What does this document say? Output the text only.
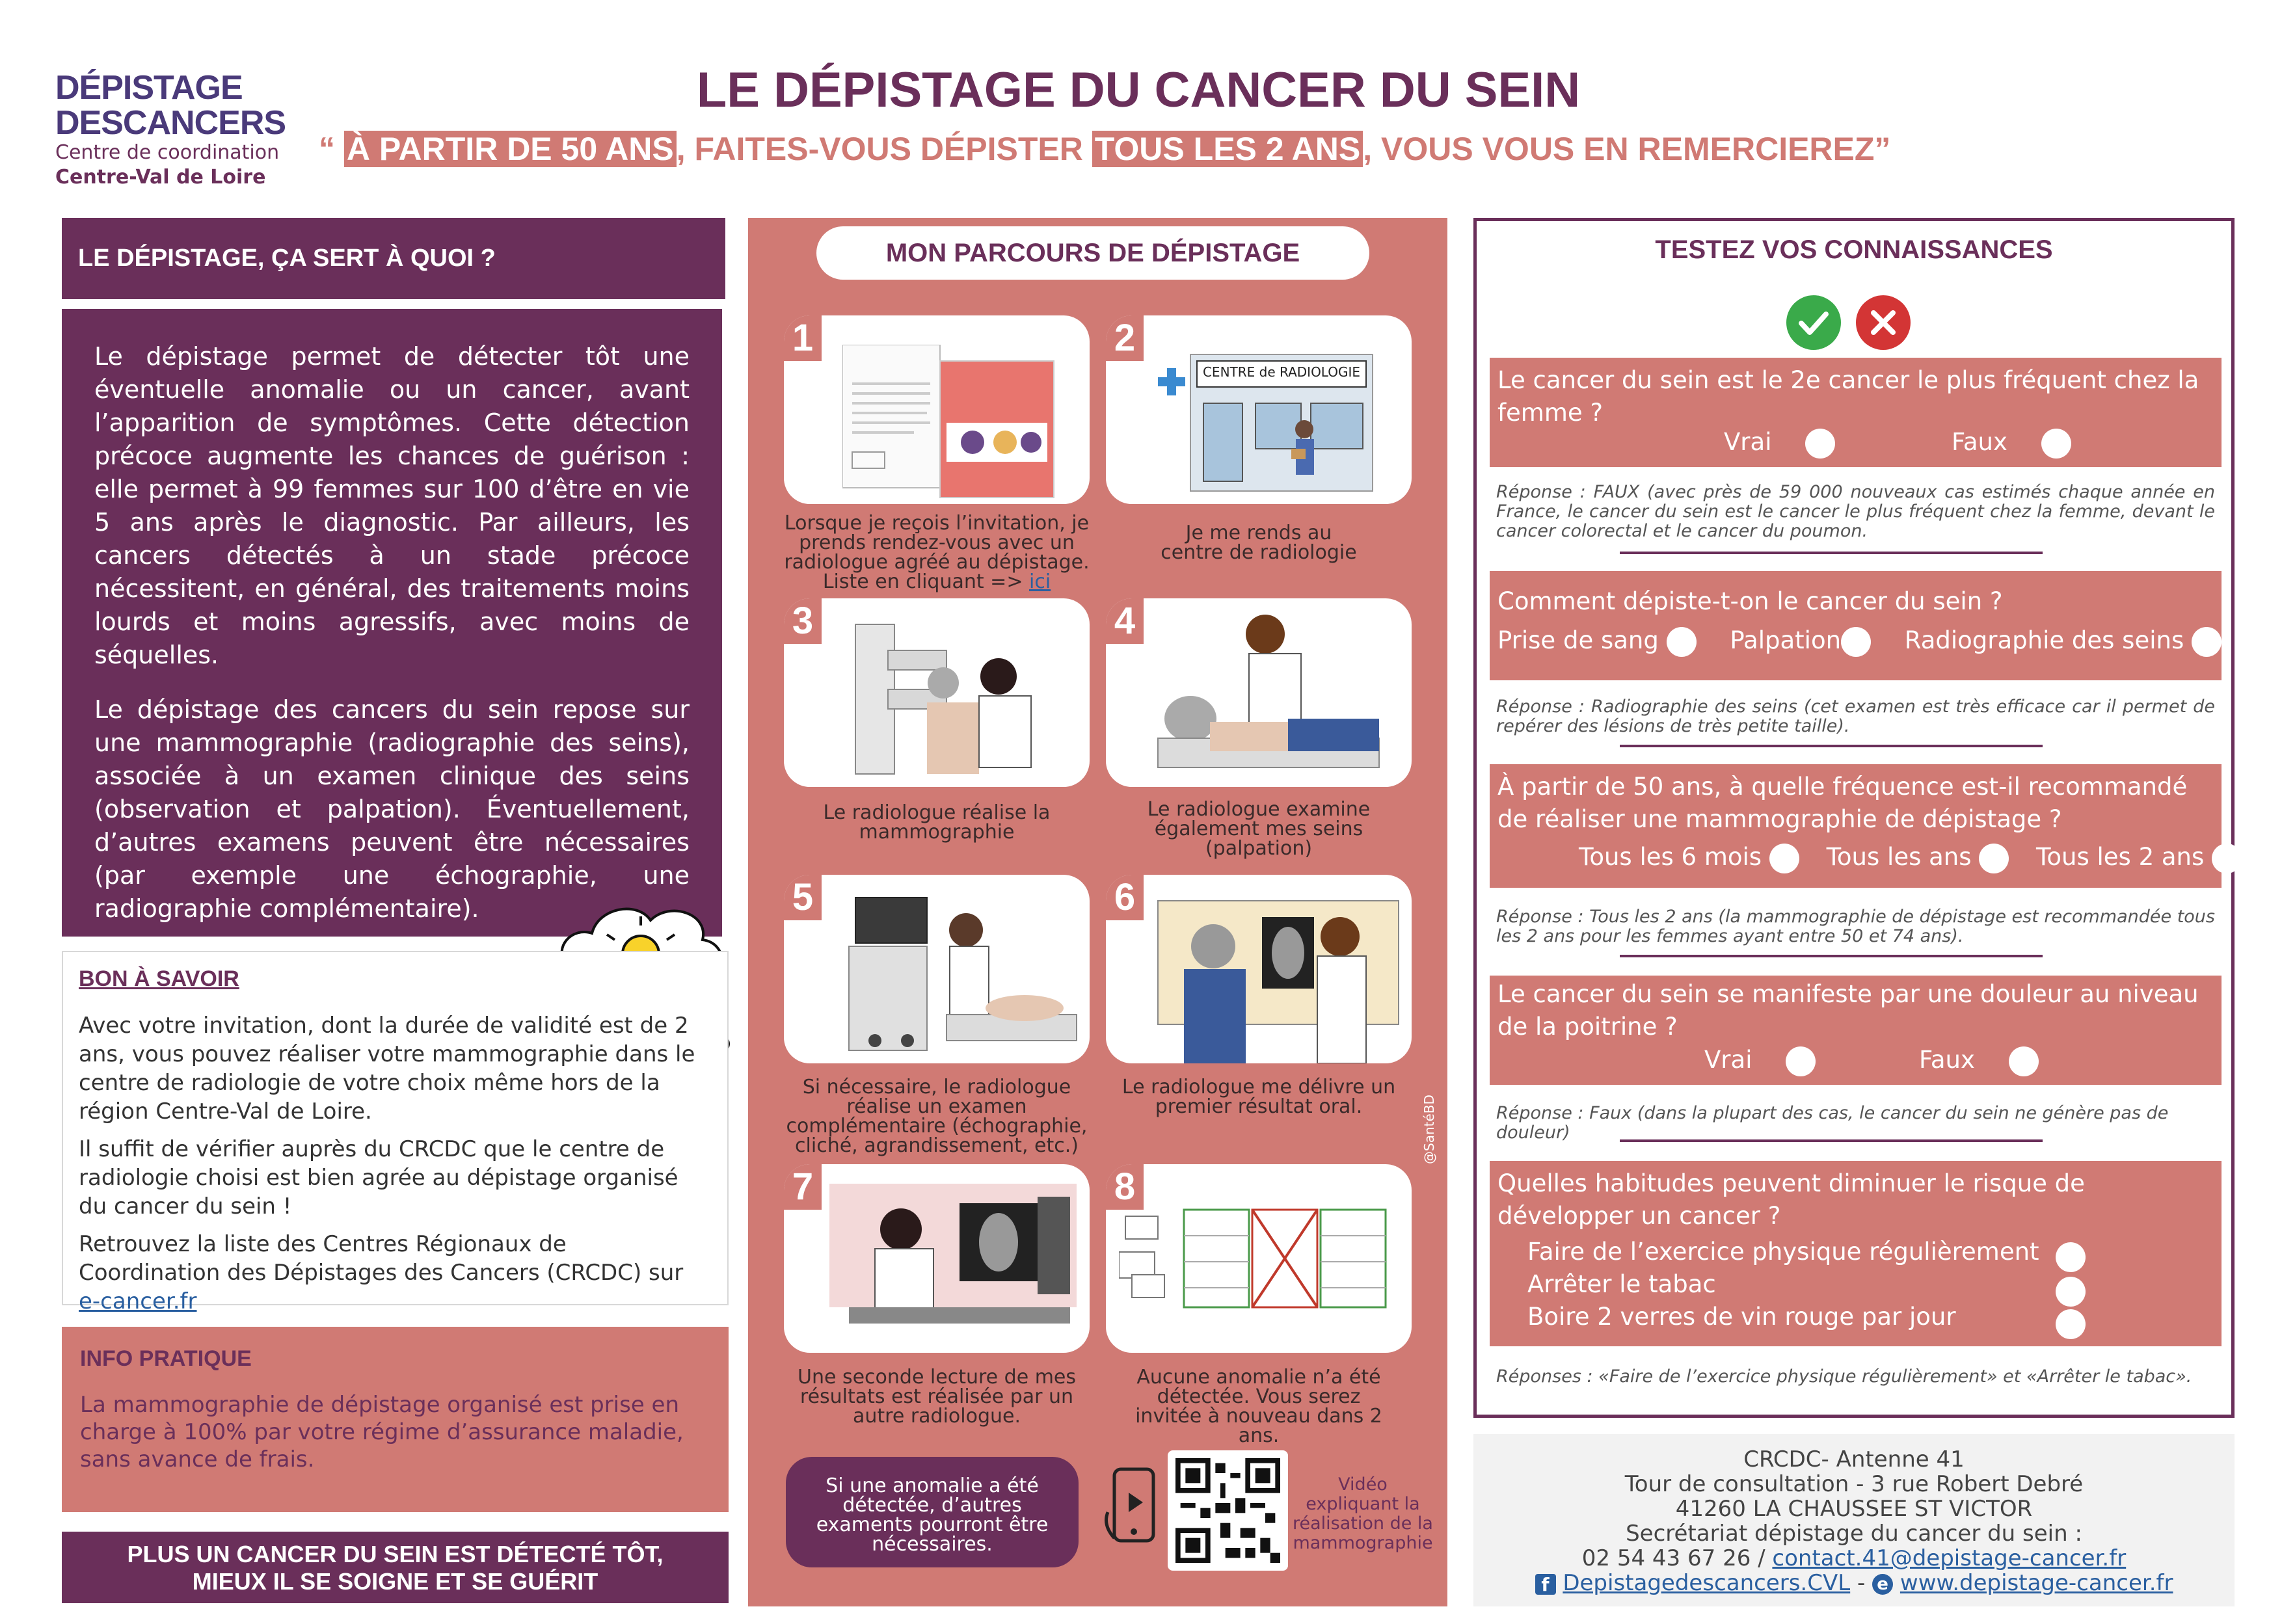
DÉPISTAGE
DESCANCERS
Centre de coordination
Centre-Val de Loire
LE DÉPISTAGE DU CANCER DU SEIN
“ À PARTIR DE 50 ANS, FAITES-VOUS DÉPISTER TOUS LES 2 ANS, VOUS VOUS EN REMERCIEREZ”
LE DÉPISTAGE, ÇA SERT À QUOI ?

Le dépistage permet de détecter tôt une éventuelle anomalie ou un cancer, avant l’apparition de symptômes. Cette détection précoce augmente les chances de guérison : elle permet à 99 femmes sur 100 d’être en vie 5 ans après le diagnostic. Par ailleurs, les cancers détectés à un stade précoce nécessitent, en général, des traitements moins lourds et moins agressifs, avec moins de séquelles.

Le dépistage des cancers du sein repose sur une mammographie (radiographie des seins), associée à un examen clinique des seins (observation et palpation). Éventuellement, d’autres examens peuvent être nécessaires (par exemple une échographie, une radiographie complémentaire).

BON À SAVOIR

Avec votre invitation, dont la durée de validité est de 2 ans, vous pouvez réaliser votre mammographie dans le centre de radiologie de votre choix même hors de la région Centre-Val de Loire.

Il suffit de vérifier auprès du CRCDC que le centre de radiologie choisi est bien agrée au dépistage organisé du cancer du sein !

Retrouvez la liste des Centres Régionaux de Coordination des Dépistages des Cancers (CRCDC) sur e-cancer.fr

INFO PRATIQUE
La mammographie de dépistage organisé est prise en charge à 100% par votre régime d’assurance maladie, sans avance de frais.
PLUS UN CANCER DU SEIN EST DÉTECTÉ TÔT,
MIEUX IL SE SOIGNE ET SE GUÉRIT
MON PARCOURS DE DÉPISTAGE
1
Lorsque je reçois l’invitation, je prends rendez-vous avec un radiologue agréé au dépistage. Liste en cliquant => ici
2
CENTRE de RADIOLOGIE
Je me rends au centre de radiologie
3
Le radiologue réalise la mammographie
4
Le radiologue examine également mes seins (palpation)
5
Si nécessaire, le radiologue réalise un examen complémentaire (échographie, cliché, agrandissement, etc.)
6
Le radiologue me délivre un premier résultat oral.
7
Une seconde lecture de mes résultats est réalisée par un autre radiologue.
8
Aucune anomalie n’a été détectée. Vous serez invitée à nouveau dans 2 ans.
@SantéBD
Si une anomalie a été détectée, d’autres examents pourront être nécessaires.
Vidéo expliquant la réalisation de la mammographie
TESTEZ VOS CONNAISSANCES
Le cancer du sein est le 2e cancer le plus fréquent chez la femme ?
Vrai	Faux
Réponse : FAUX (avec près de 59 000 nouveaux cas estimés chaque année en France, le cancer du sein est le cancer le plus fréquent chez la femme, devant le cancer colorectal et le cancer du poumon.
Comment dépiste-t-on le cancer du sein ?
Prise de sang	Palpation	Radiographie des seins
Réponse : Radiographie des seins (cet examen est très efficace car il permet de repérer des lésions de très petite taille).
À partir de 50 ans, à quelle fréquence est-il recommandé de réaliser une mammographie de dépistage ?
Tous les 6 mois	Tous les ans	Tous les 2 ans
Réponse : Tous les 2 ans (la mammographie de dépistage est recommandée tous les 2 ans pour les femmes ayant entre 50 et 74 ans).
Le cancer du sein se manifeste par une douleur au niveau de la poitrine ?
Vrai	Faux
Réponse : Faux (dans la plupart des cas, le cancer du sein ne génère pas de douleur)
Quelles habitudes peuvent diminuer le risque de développer un cancer ?
Faire de l’exercice physique régulièrement
Arrêter le tabac
Boire 2 verres de vin rouge par jour
Réponses : «Faire de l’exercice physique régulièrement» et «Arrêter le tabac».
CRCDC- Antenne 41
Tour de consultation - 3 rue Robert Debré
41260 LA CHAUSSEE ST VICTOR
Secrétariat dépistage du cancer du sein :
02 54 43 67 26 / contact.41@depistage-cancer.fr
f Depistagedescancers.CVL - e www.depistage-cancer.fr
